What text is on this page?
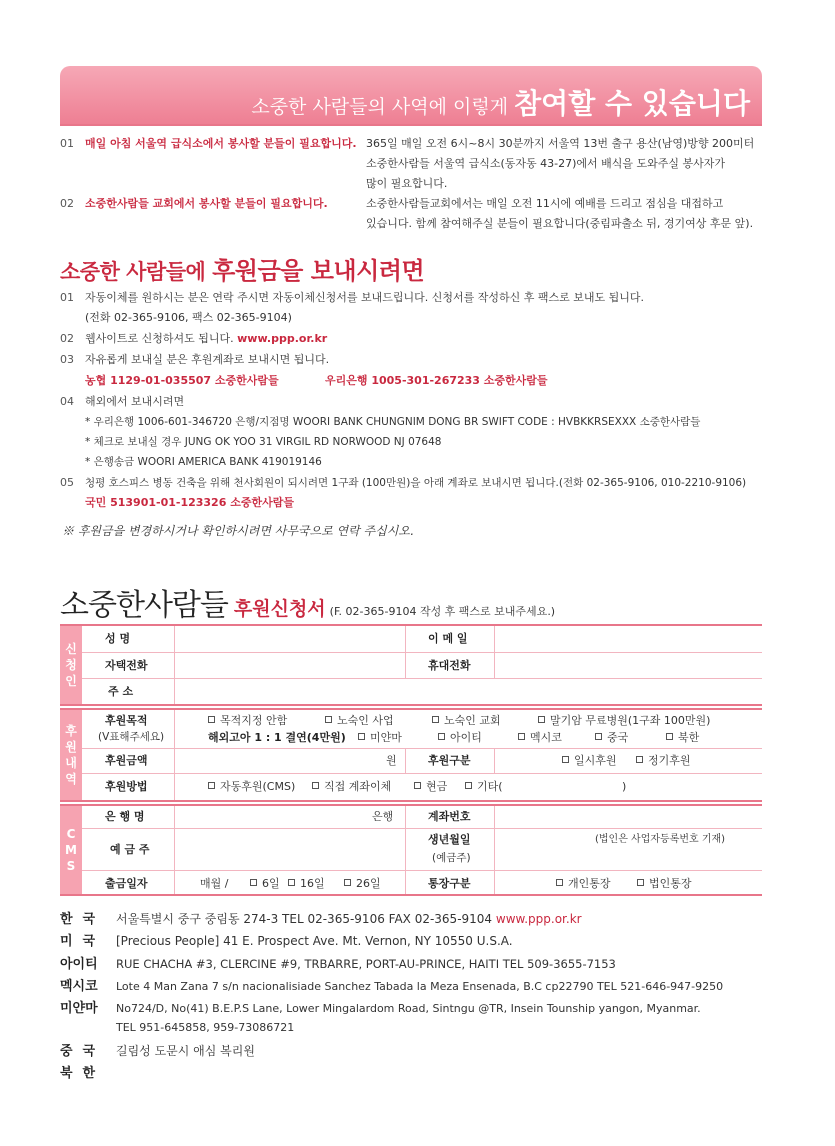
소중한 사람들의 사역에 이렇게 참여할 수 있습니다
01 매일 아침 서울역 급식소에서 봉사할 분들이 필요합니다. 365일 매일 오전 6시~8시 30분까지 서울역 13번 출구 용산(남영)방향 200미터
소중한사람들 서울역 급식소(동자동 43-27)에서 배식을 도와주실 봉사자가
많이 필요합니다.
02 소중한사람들 교회에서 봉사할 분들이 필요합니다.	소중한사람들교회에서는 매일 오전 11시에 예배를 드리고 점심을 대접하고
있습니다. 함께 참여해주실 분들이 필요합니다(중림파출소 뒤, 경기여상 후문 앞).
소중한 사람들에 후원금을 보내시려면
01 자동이체를 원하시는 분은 연락 주시면 자동이체신청서를 보내드립니다. 신청서를 작성하신 후 팩스로 보내도 됩니다.
(전화 02-365-9106, 팩스 02-365-9104)
02 웹사이트로 신청하셔도 됩니다. www.ppp.or.kr
03 자유롭게 보내실 분은 후원계좌로 보내시면 됩니다.
농협 1129-01-035507 소중한사람들	우리은행 1005-301-267233 소중한사람들
04 해외에서 보내시려면
* 우리은행 1006-601-346720 은행/지점명 WOORI BANK CHUNGNIM DONG BR SWIFT CODE : HVBKKRSEXXX 소중한사람들
* 체크로 보내실 경우 JUNG OK YOO 31 VIRGIL RD NORWOOD NJ 07648
* 은행송금 WOORI AMERICA BANK 419019146
05 청평 호스피스 병동 건축을 위해 천사회원이 되시려면 1구좌 (100만원)을 아래 계좌로 보내시면 됩니다.(전화 02-365-9106, 010-2210-9106)
국민 513901-01-123326 소중한사람들
※ 후원금을 변경하시거나 확인하시려면 사무국으로 연락 주십시오.
소중한사람들 후원신청서 (F. 02-365-9104 작성 후 팩스로 보내주세요.)
신
청
인
성 명	이 메 일
자택전화	휴대전화
주 소
후
원
내
역
후원목적
(V표해주세요)
목적지정 안함	노숙인 사업	노숙인 교회	말기암 무료병원(1구좌 100만원)
해외고아 1 : 1 결연(4만원)	미얀마	아이티	멕시코	중국	북한
후원금액	원	후원구분	일시후원	정기후원
후원방법	자동후원(CMS)	직접 계좌이체	현금	기타(	)
C
M
S
은 행 명	은행	계좌번호
예 금 주
생년월일
(예금주)
(법인은 사업자등록번호 기재)
출금일자	매월 /	6일	16일	26일	통장구분	개인통장	법인통장
한국 서울특별시 중구 중림동 274-3 TEL 02-365-9106 FAX 02-365-9104 www.ppp.or.kr
미국 [Precious People] 41 E. Prospect Ave. Mt. Vernon, NY 10550 U.S.A.
아이티 RUE CHACHA #3, CLERCINE #9, TRBARRE, PORT-AU-PRINCE, HAITI TEL 509-3655-7153
멕시코 Lote 4 Man Zana 7 s/n nacionalisiade Sanchez Tabada la Meza Ensenada, B.C cp22790 TEL 521-646-947-9250
미얀마 No724/D, No(41) B.E.P.S Lane, Lower Mingalardom Road, Sintngu @TR, Insein Tounship yangon, Myanmar.
TEL 951-645858, 959-73086721
중국 길림성 도문시 애심 복리원
북한
